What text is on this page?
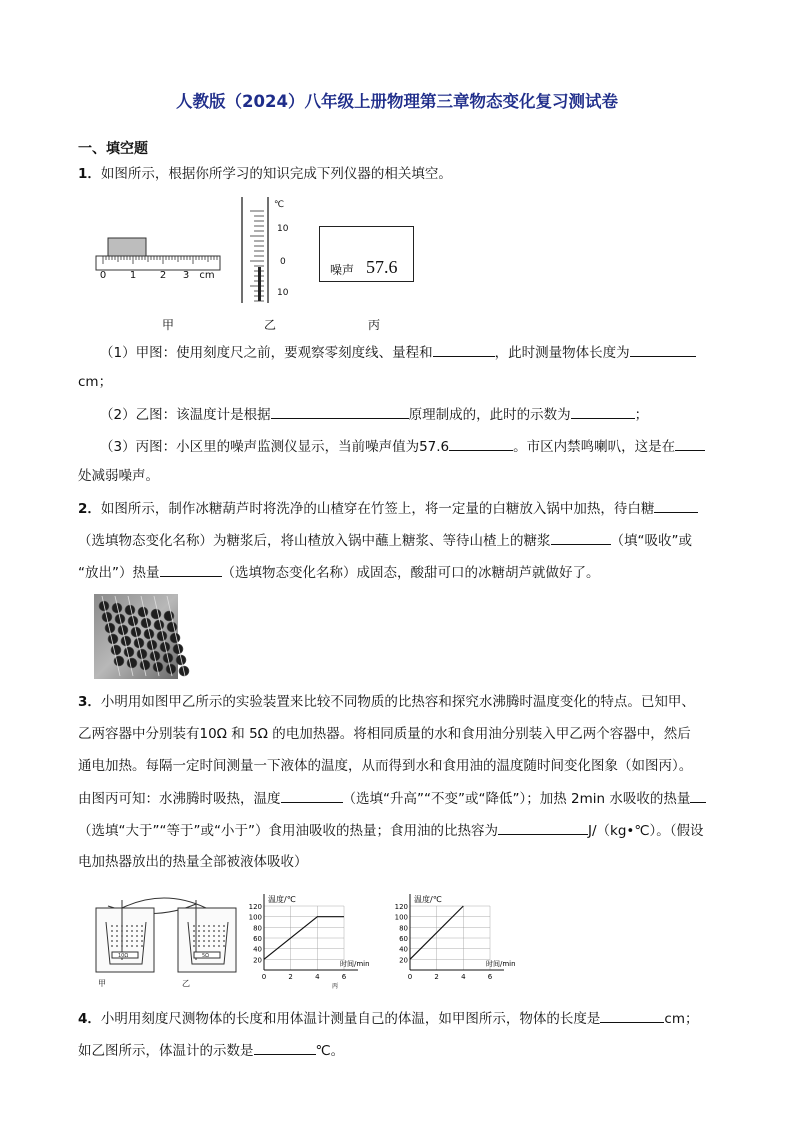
人教版（2024）八年级上册物理第三章物态变化复习测试卷
一、填空题
1．如图所示，根据你所学习的知识完成下列仪器的相关填空。
0 1 2 3 cm
℃
10
0
10
噪声 57.6
甲	乙	丙
（1）甲图：使用刻度尺之前，要观察零刻度线、量程和	，此时测量物体长度为
cm；
（2）乙图：该温度计是根据	原理制成的，此时的示数为	；
（3）丙图：小区里的噪声监测仪显示，当前噪声值为57.6	。市区内禁鸣喇叭，这是在
处减弱噪声。
2．如图所示，制作冰糖葫芦时将洗净的山楂穿在竹签上，将一定量的白糖放入锅中加热，待白糖
（选填物态变化名称）为糖浆后，将山楂放入锅中蘸上糖浆、等待山楂上的糖浆	（填“吸收”或
“放出”）热量	（选填物态变化名称）成固态，酸甜可口的冰糖胡芦就做好了。
3．小明用如图甲乙所示的实验装置来比较不同物质的比热容和探究水沸腾时温度变化的特点。已知甲、
乙两容器中分别装有10Ω 和 5Ω 的电加热器。将相同质量的水和食用油分别装入甲乙两个容器中，然后
通电加热。每隔一定时间测量一下液体的温度，从而得到水和食用油的温度随时间变化图象（如图丙）。
由图丙可知：水沸腾时吸热，温度	（选填“升高”“不变”或“降低”）；加热 2min 水吸收的热量
（选填“大于”“等于”或“小于”）食用油吸收的热量；食用油的比热容为	J/（kg•℃）。（假设
电加热器放出的热量全部被液体吸收）
10Ω	5Ω
甲	乙
20
40
60
80
100
120
0	2	4	6
温度/℃
时间/min
丙
20
40
60
80
100
120
0	2	4	6
温度/℃
时间/min
4．小明用刻度尺测物体的长度和用体温计测量自己的体温，如甲图所示，物体的长度是	cm；
如乙图所示，体温计的示数是	℃。
